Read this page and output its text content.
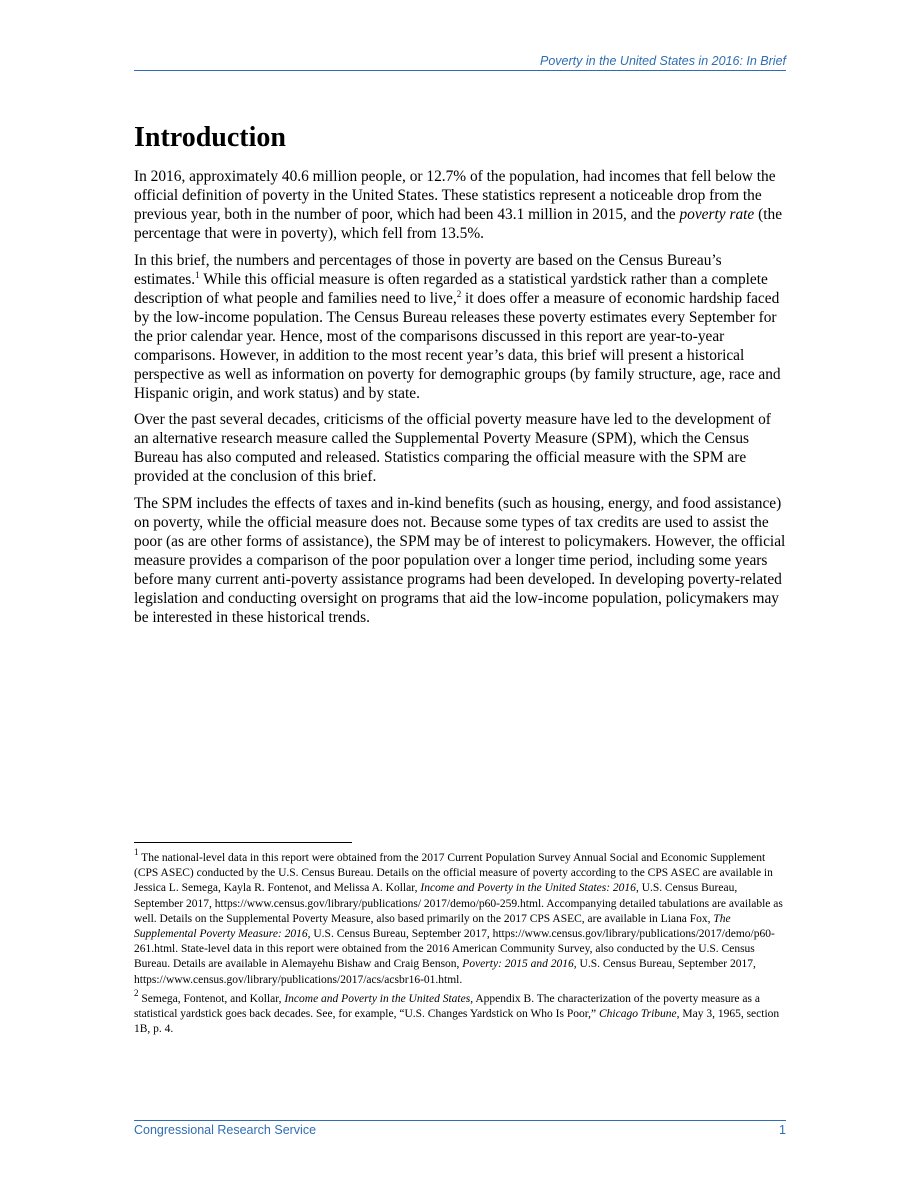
Poverty in the United States in 2016: In Brief
Introduction

In 2016, approximately 40.6 million people, or 12.7% of the population, had incomes that fell below the official definition of poverty in the United States. These statistics represent a noticeable drop from the previous year, both in the number of poor, which had been 43.1 million in 2015, and the poverty rate (the percentage that were in poverty), which fell from 13.5%.

In this brief, the numbers and percentages of those in poverty are based on the Census Bureau’s estimates.$^1$ While this official measure is often regarded as a statistical yardstick rather than a complete description of what people and families need to live,$^2$ it does offer a measure of economic hardship faced by the low-income population. The Census Bureau releases these poverty estimates every September for the prior calendar year. Hence, most of the comparisons discussed in this report are year-to-year comparisons. However, in addition to the most recent year’s data, this brief will present a historical perspective as well as information on poverty for demographic groups (by family structure, age, race and Hispanic origin, and work status) and by state.

Over the past several decades, criticisms of the official poverty measure have led to the development of an alternative research measure called the Supplemental Poverty Measure (SPM), which the Census Bureau has also computed and released. Statistics comparing the official measure with the SPM are provided at the conclusion of this brief.

The SPM includes the effects of taxes and in-kind benefits (such as housing, energy, and food assistance) on poverty, while the official measure does not. Because some types of tax credits are used to assist the poor (as are other forms of assistance), the SPM may be of interest to policymakers. However, the official measure provides a comparison of the poor population over a longer time period, including some years before many current anti-poverty assistance programs had been developed. In developing poverty-related legislation and conducting oversight on programs that aid the low-income population, policymakers may be interested in these historical trends.

$^1$ The national-level data in this report were obtained from the 2017 Current Population Survey Annual Social and Economic Supplement (CPS ASEC) conducted by the U.S. Census Bureau. Details on the official measure of poverty according to the CPS ASEC are available in Jessica L. Semega, Kayla R. Fontenot, and Melissa A. Kollar, Income and Poverty in the United States: 2016, U.S. Census Bureau, September 2017, https://www.census.gov/library/publications/ 2017/demo/p60-259.html. Accompanying detailed tabulations are available as well. Details on the Supplemental Poverty Measure, also based primarily on the 2017 CPS ASEC, are available in Liana Fox, The Supplemental Poverty Measure: 2016, U.S. Census Bureau, September 2017, https://www.census.gov/library/publications/2017/demo/p60-261.html. State-level data in this report were obtained from the 2016 American Community Survey, also conducted by the U.S. Census Bureau. Details are available in Alemayehu Bishaw and Craig Benson, Poverty: 2015 and 2016, U.S. Census Bureau, September 2017, https://www.census.gov/library/publications/2017/acs/acsbr16-01.html.

$^2$ Semega, Fontenot, and Kollar, Income and Poverty in the United States, Appendix B. The characterization of the poverty measure as a statistical yardstick goes back decades. See, for example, “U.S. Changes Yardstick on Who Is Poor,” Chicago Tribune, May 3, 1965, section 1B, p. 4.

Congressional Research Service	1
